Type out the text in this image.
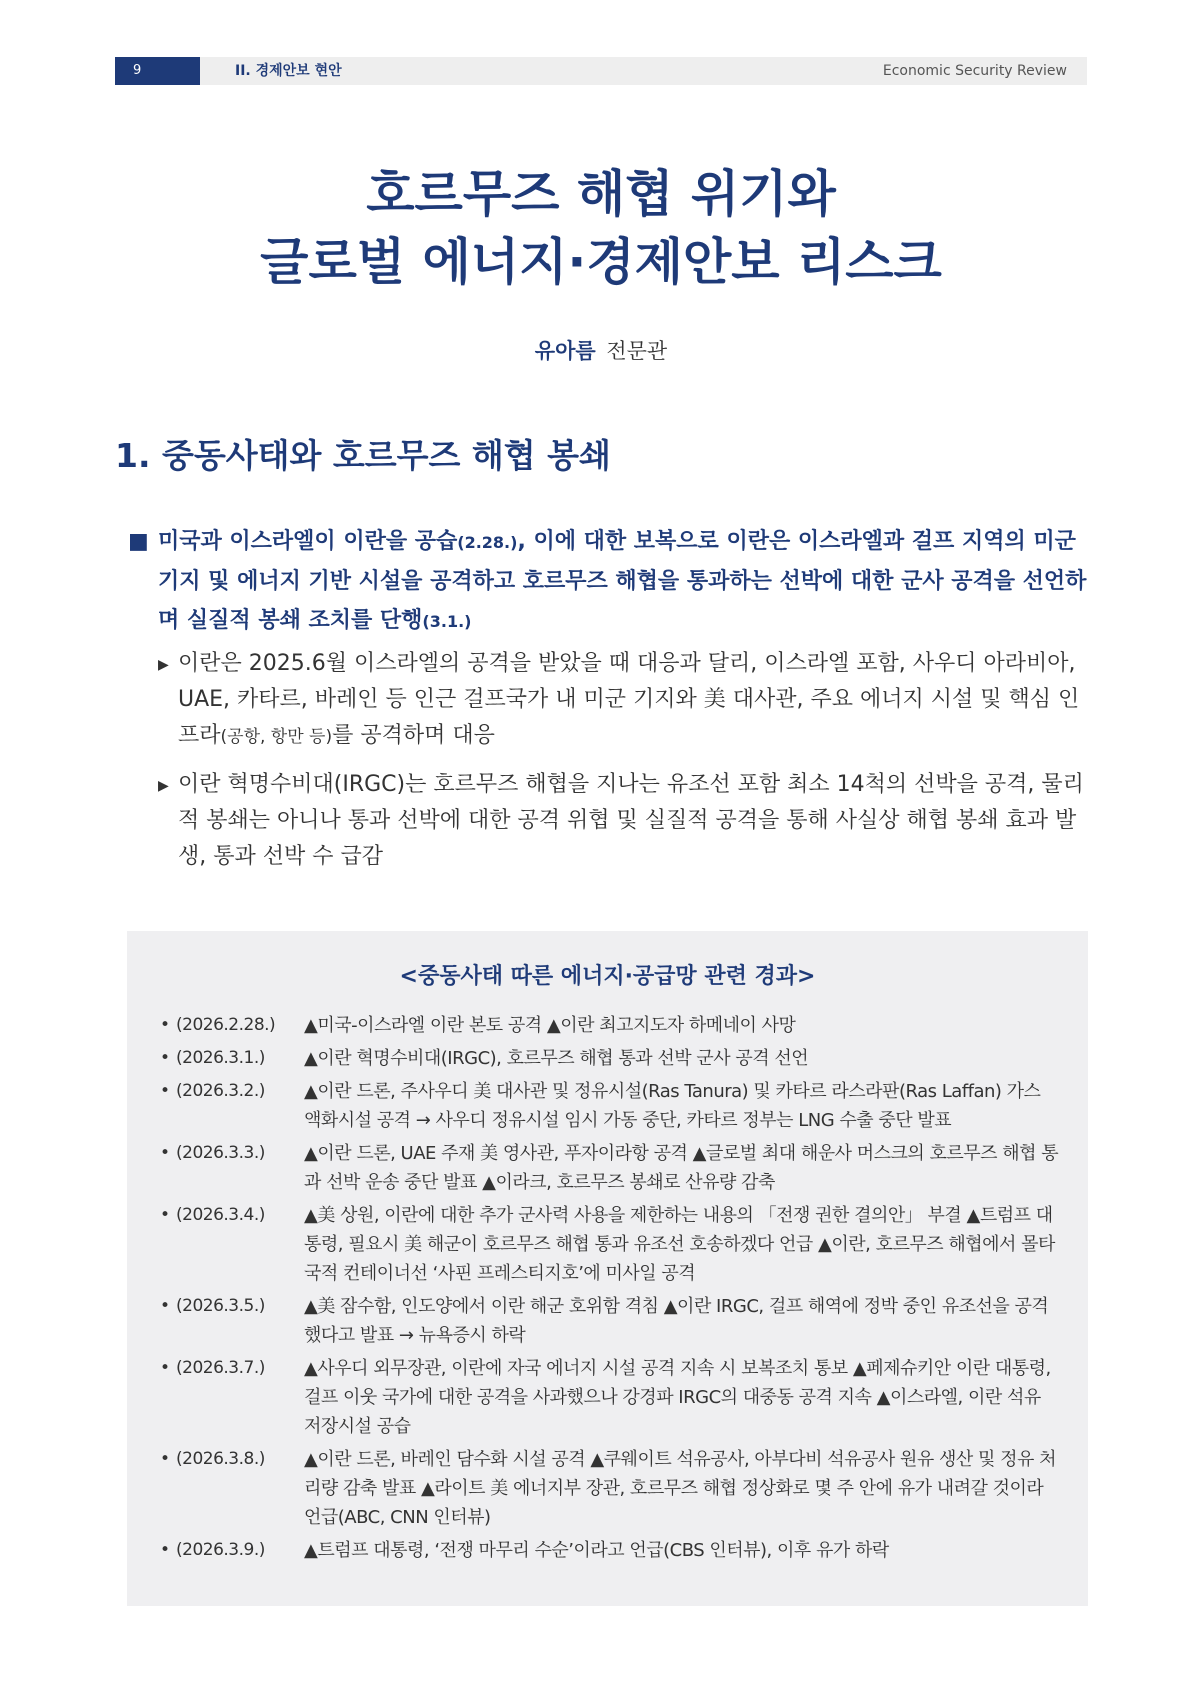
9	II. 경제안보 현안	Economic Security Review
호르무즈 해협 위기와
글로벌 에너지·경제안보 리스크
유아름 전문관
1. 중동사태와 호르무즈 해협 봉쇄
■ 미국과 이스라엘이 이란을 공습(2.28.), 이에 대한 보복으로 이란은 이스라엘과 걸프 지역의 미군 기지 및 에너지 기반 시설을 공격하고 호르무즈 해협을 통과하는 선박에 대한 군사 공격을 선언하며 실질적 봉쇄 조치를 단행(3.1.)
▶ 이란은 2025.6월 이스라엘의 공격을 받았을 때 대응과 달리, 이스라엘 포함, 사우디 아라비아, UAE, 카타르, 바레인 등 인근 걸프국가 내 미군 기지와 美 대사관, 주요 에너지 시설 및 핵심 인프라(공항, 항만 등)를 공격하며 대응
▶ 이란 혁명수비대(IRGC)는 호르무즈 해협을 지나는 유조선 포함 최소 14척의 선박을 공격, 물리적 봉쇄는 아니나 통과 선박에 대한 공격 위협 및 실질적 공격을 통해 사실상 해협 봉쇄 효과 발생, 통과 선박 수 급감
<중동사태 따른 에너지·공급망 관련 경과>
• (2026.2.28.) ▲미국-이스라엘 이란 본토 공격 ▲이란 최고지도자 하메네이 사망
• (2026.3.1.) ▲이란 혁명수비대(IRGC), 호르무즈 해협 통과 선박 군사 공격 선언
• (2026.3.2.) ▲이란 드론, 주사우디 美 대사관 및 정유시설(Ras Tanura) 및 카타르 라스라판(Ras Laffan) 가스 액화시설 공격 → 사우디 정유시설 임시 가동 중단, 카타르 정부는 LNG 수출 중단 발표
• (2026.3.3.) ▲이란 드론, UAE 주재 美 영사관, 푸자이라항 공격 ▲글로벌 최대 해운사 머스크의 호르무즈 해협 통과 선박 운송 중단 발표 ▲이라크, 호르무즈 봉쇄로 산유량 감축
• (2026.3.4.) ▲美 상원, 이란에 대한 추가 군사력 사용을 제한하는 내용의 「전쟁 권한 결의안」 부결 ▲트럼프 대통령, 필요시 美 해군이 호르무즈 해협 통과 유조선 호송하겠다 언급 ▲이란, 호르무즈 해협에서 몰타 국적 컨테이너선 ‘사핀 프레스티지호’에 미사일 공격
• (2026.3.5.) ▲美 잠수함, 인도양에서 이란 해군 호위함 격침 ▲이란 IRGC, 걸프 해역에 정박 중인 유조선을 공격했다고 발표 → 뉴욕증시 하락
• (2026.3.7.) ▲사우디 외무장관, 이란에 자국 에너지 시설 공격 지속 시 보복조치 통보 ▲페제슈키안 이란 대통령, 걸프 이웃 국가에 대한 공격을 사과했으나 강경파 IRGC의 대중동 공격 지속 ▲이스라엘, 이란 석유 저장시설 공습
• (2026.3.8.) ▲이란 드론, 바레인 담수화 시설 공격 ▲쿠웨이트 석유공사, 아부다비 석유공사 원유 생산 및 정유 처리량 감축 발표 ▲라이트 美 에너지부 장관, 호르무즈 해협 정상화로 몇 주 안에 유가 내려갈 것이라 언급(ABC, CNN 인터뷰)
• (2026.3.9.) ▲트럼프 대통령, ‘전쟁 마무리 수순’이라고 언급(CBS 인터뷰), 이후 유가 하락
